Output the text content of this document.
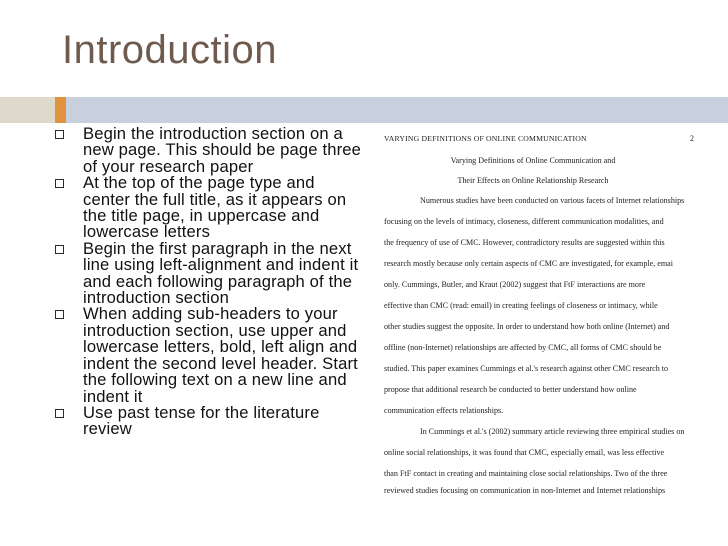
Introduction
Begin the introduction section on a new page. This should be page three of your research paper
At the top of the page type and center the full title, as it appears on the title page, in uppercase and lowercase letters
Begin the first paragraph in the next line using left-alignment and indent it and each following paragraph of the introduction section
When adding sub-headers to your introduction section, use upper and lowercase letters, bold, left align and indent the second level header. Start the following text on a new line and indent it
Use past tense for the literature review
VARYING DEFINITIONS OF ONLINE COMMUNICATION	2
Varying Definitions of Online Communication and
Their Effects on Online Relationship Research
Numerous studies have been conducted on various facets of Internet relationships
focusing on the levels of intimacy, closeness, different communication modalities, and
the frequency of use of CMC. However, contradictory results are suggested within this
research mostly because only certain aspects of CMC are investigated, for example, emai
only. Cummings, Butler, and Kraut (2002) suggest that FtF interactions are more
effective than CMC (read: email) in creating feelings of closeness or intimacy, while
other studies suggest the opposite. In order to understand how both online (Internet) and
offline (non-Internet) relationships are affected by CMC, all forms of CMC should be
studied. This paper examines Cummings et al.'s research against other CMC research to
propose that additional research be conducted to better understand how online
communication effects relationships.
In Cummings et al.'s (2002) summary article reviewing three empirical studies on
online social relationships, it was found that CMC, especially email, was less effective
than FtF contact in creating and maintaining close social relationships. Two of the three
reviewed studies focusing on communication in non-Internet and Internet relationships
